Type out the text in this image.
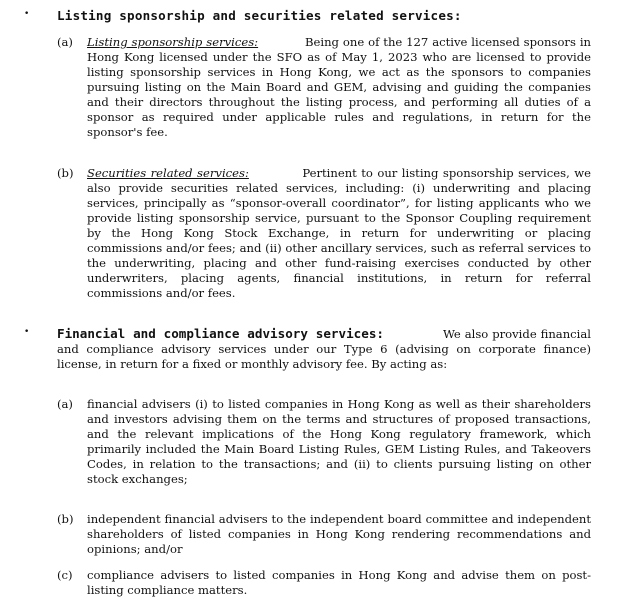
• Listing sponsorship and securities related services:
(a)	Listing sponsorship services:	Being one of the 127 active licensed sponsors in Hong Kong licensed under the SFO as of May 1, 2023 who are licensed to provide listing sponsorship services in Hong Kong, we act as the sponsors to companies pursuing listing on the Main Board and GEM, advising and guiding the companies and their directors throughout the listing process, and performing all duties of a sponsor as required under applicable rules and regulations, in return for the sponsor's fee.
(b)	Securities related services:	Pertinent to our listing sponsorship services, we also provide securities related services, including: (i) underwriting and placing services, principally as “sponsor-overall coordinator”, for listing applicants who we provide listing sponsorship service, pursuant to the Sponsor Coupling requirement by the Hong Kong Stock Exchange, in return for underwriting or placing commissions and/or fees; and (ii) other ancillary services, such as referral services to the underwriting, placing and other fund-raising exercises conducted by other underwriters, placing agents, financial institutions, in return for referral commissions and/or fees.
• Financial and compliance advisory services:	We also provide financial and compliance advisory services under our Type 6 (advising on corporate finance) license, in return for a fixed or monthly advisory fee. By acting as:
(a)	financial advisers (i) to listed companies in Hong Kong as well as their shareholders and investors advising them on the terms and structures of proposed transactions, and the relevant implications of the Hong Kong regulatory framework, which primarily included the Main Board Listing Rules, GEM Listing Rules, and Takeovers Codes, in relation to the transactions; and (ii) to clients pursuing listing on other stock exchanges;
(b)	independent financial advisers to the independent board committee and independent shareholders of listed companies in Hong Kong rendering recommendations and opinions; and/or
(c)	compliance advisers to listed companies in Hong Kong and advise them on post-listing compliance matters.
